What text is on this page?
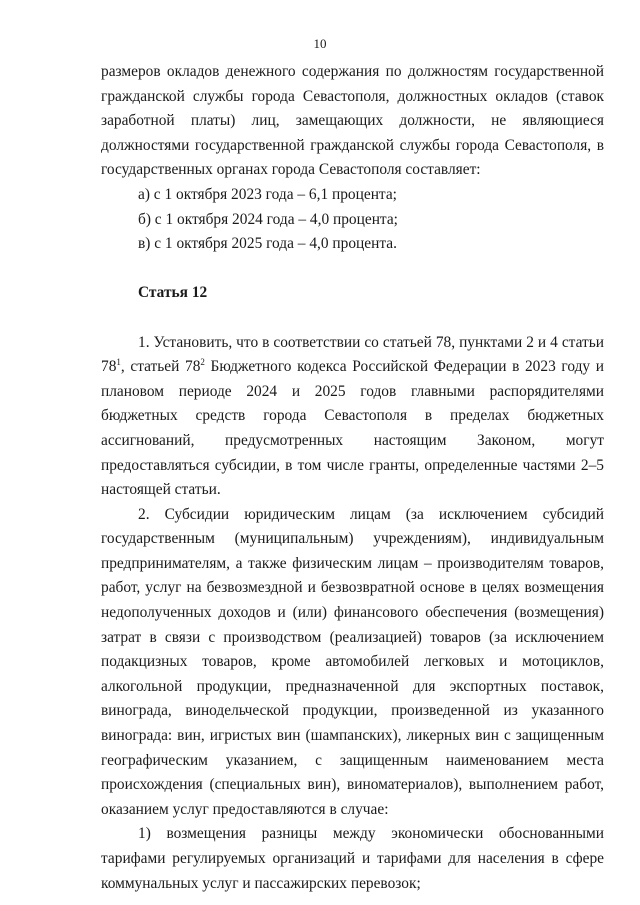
10

размеров окладов денежного содержания по должностям государственной гражданской службы города Севастополя, должностных окладов (ставок заработной платы) лиц, замещающих должности, не являющиеся должностями государственной гражданской службы города Севастополя, в государственных органах города Севастополя составляет:

а) с 1 октября 2023 года – 6,1 процента;

б) с 1 октября 2024 года – 4,0 процента;

в) с 1 октября 2025 года – 4,0 процента.

Статья 12

1. Установить, что в соответствии со статьей 78, пунктами 2 и 4 статьи $78^1$, статьей $78^2$ Бюджетного кодекса Российской Федерации в 2023 году и плановом периоде 2024 и 2025 годов главными распорядителями бюджетных средств города Севастополя в пределах бюджетных ассигнований, предусмотренных настоящим Законом, могут предоставляться субсидии, в том числе гранты, определенные частями 2–5 настоящей статьи.

2. Субсидии юридическим лицам (за исключением субсидий государственным (муниципальным) учреждениям), индивидуальным предпринимателям, а также физическим лицам – производителям товаров, работ, услуг на безвозмездной и безвозвратной основе в целях возмещения недополученных доходов и (или) финансового обеспечения (возмещения) затрат в связи с производством (реализацией) товаров (за исключением подакцизных товаров, кроме автомобилей легковых и мотоциклов, алкогольной продукции, предназначенной для экспортных поставок, винограда, винодельческой продукции, произведенной из указанного винограда: вин, игристых вин (шампанских), ликерных вин с защищенным географическим указанием, с защищенным наименованием места происхождения (специальных вин), виноматериалов), выполнением работ, оказанием услуг предоставляются в случае:

1) возмещения разницы между экономически обоснованными тарифами регулируемых организаций и тарифами для населения в сфере коммунальных услуг и пассажирских перевозок;
